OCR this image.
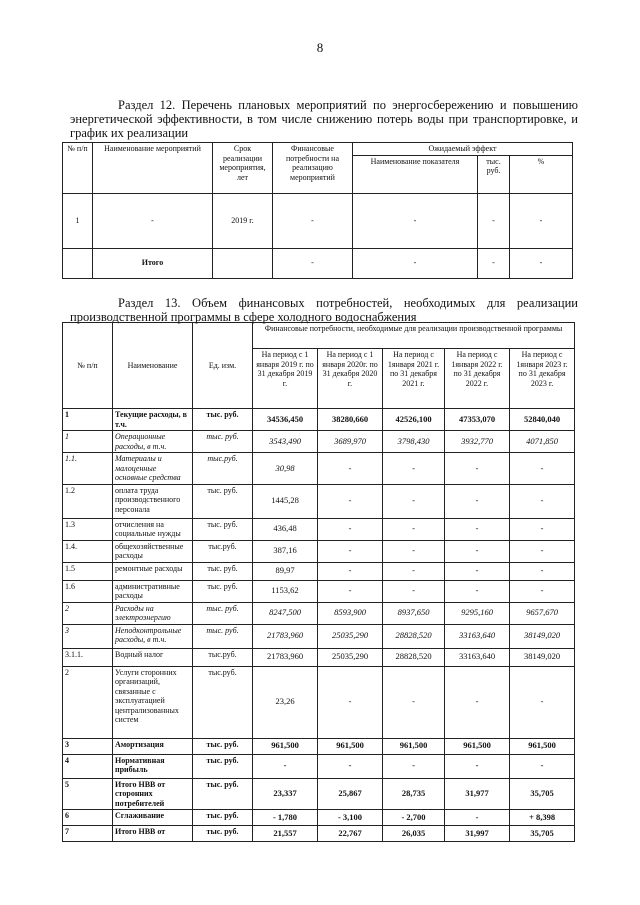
8
Раздел 12. Перечень плановых мероприятий по энергосбережению и повышению энергетической эффективности, в том числе снижению потерь воды при транспортировке, и график их реализации
№ п/п	Наименование мероприятий	Срок реализации мероприятия, лет	Финансовые потребности на реализацию мероприятий	Ожидаемый эффект		
				Наименование показателя	тыс. руб.	%
1	-	2019 г.	-	-	-	-
	Итого		-	-	-	-
Раздел 13. Объем финансовых потребностей, необходимых для реализации производственной программы в сфере холодного водоснабжения
№ п/п	Наименование	Ед. изм.	Финансовые потребности, необходимые для реализации производственной программы				
			На период с 1 января 2019 г. по 31 декабря 2019 г.	На период с 1 января 2020г. по 31 декабря 2020 г.	На период с 1января 2021 г. по 31 декабря 2021 г.	На период с 1января 2022 г. по 31 декабря 2022 г.	На период с 1января 2023 г. по 31 декабря 2023 г.
1	Текущие расходы, в т.ч.	тыс. руб.	34536,450	38280,660	42526,100	47353,070	52840,040
1	Операционные расходы, в т.ч.	тыс. руб.	3543,490	3689,970	3798,430	3932,770	4071,850
1.1.	Материалы и малоценные основные средства	тыс.руб.	30,98	-	-	-	-
1.2	оплата труда производственного персонала	тыс. руб.	1445,28	-	-	-	-
1.3	отчисления на социальные нужды	тыс. руб.	436,48	-	-	-	-
1.4.	общехозяйственные расходы	тыс.руб.	387,16	-	-	-	-
1.5	ремонтные расходы	тыс. руб.	89,97	-	-	-	-
1.6	административные расходы	тыс. руб.	1153,62	-	-	-	-
2	Расходы на электроэнергию	тыс. руб.	8247,500	8593,900	8937,650	9295,160	9657,670
3	Неподконтрольные расходы, в т.ч.	тыс. руб.	21783,960	25035,290	28828,520	33163,640	38149,020
3.1.1.	Водный налог	тыс.руб.	21783,960	25035,290	28828,520	33163,640	38149,020
2	Услуги сторонних организаций, связанные с эксплуатацией централизованных систем	тыс.руб.	23,26	-	-	-	-
3	Амортизация	тыс. руб.	961,500	961,500	961,500	961,500	961,500
4	Нормативная прибыль	тыс. руб.	-	-	-	-	-
5	Итого НВВ от сторонних потребителей	тыс. руб.	23,337	25,867	28,735	31,977	35,705
6	Сглаживание	тыс. руб.	- 1,780	- 3,100	- 2,700	-	+ 8,398
7	Итого НВВ от	тыс. руб.	21,557	22,767	26,035	31,997	35,705
